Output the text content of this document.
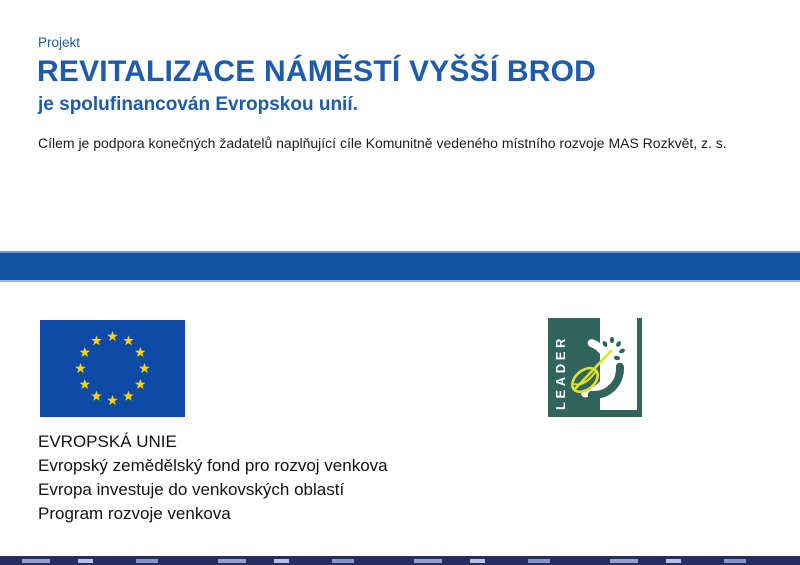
Projekt
REVITALIZACE NÁMĚSTÍ VYŠŠÍ BROD
je spolufinancován Evropskou unií.
Cílem je podpora konečných žadatelů naplňující cíle Komunitně vedeného místního rozvoje MAS Rozkvět, z. s.
LEADER
EVROPSKÁ UNIE
Evropský zemědělský fond pro rozvoj venkova
Evropa investuje do venkovských oblastí
Program rozvoje venkova
